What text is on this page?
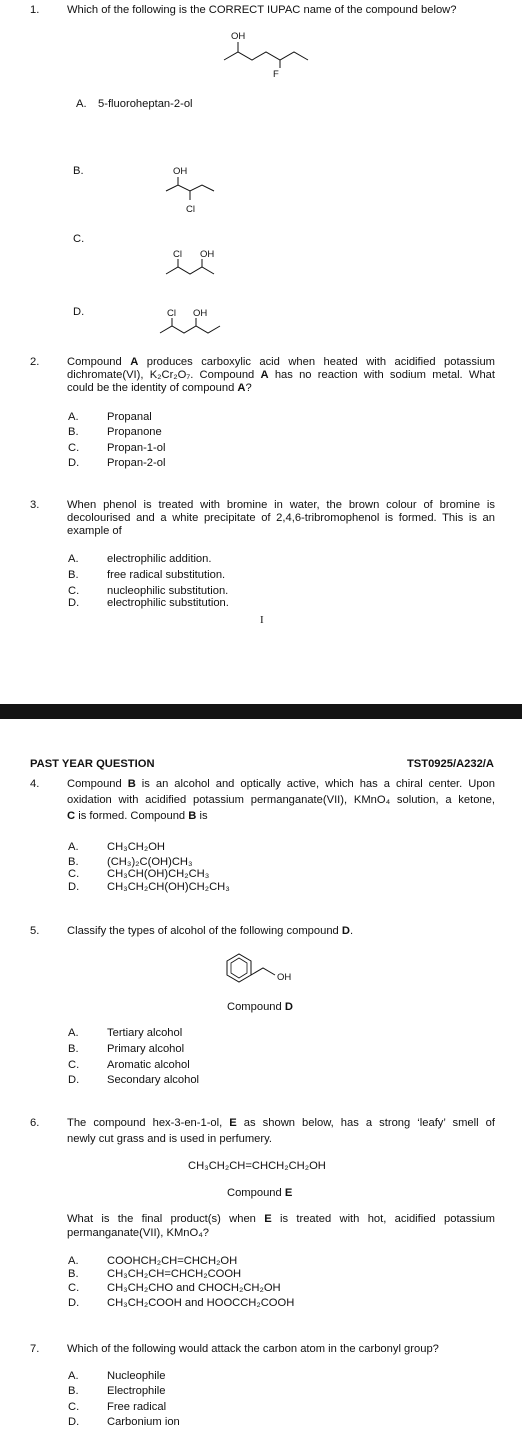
1. Which of the following is the CORRECT IUPAC name of the compound below?
OH
F
A. 5-fluoroheptan-2-ol
B.	OH
Cl
C.
Cl OH
D.	Cl OH
2. Compound A produces carboxylic acid when heated with acidified potassium
dichromate(VI), K₂Cr₂O₇. Compound A has no reaction with sodium metal. What
could be the identity of compound A?
A.	Propanal
B.	Propanone
C. Propan-1-ol
D. Propan-2-ol
3. When phenol is treated with bromine in water, the brown colour of bromine is
decolourised and a white precipitate of 2,4,6-tribromophenol is formed. This is an
example of
A.	electrophilic addition.
B.	free radical substitution.
C. nucleophilic substitution.
D. electrophilic substitution.
I
PAST YEAR QUESTION	TST0925/A232/A
4. Compound B is an alcohol and optically active, which has a chiral center. Upon
oxidation with acidified potassium permanganate(VII), KMnO₄ solution, a ketone,
C is formed. Compound B is
A.	CH₃CH₂OH
B.	(CH₃)₂C(OH)CH₃
C. CH₃CH(OH)CH₂CH₃
D. CH₃CH₂CH(OH)CH₂CH₃
5. Classify the types of alcohol of the following compound D.
OH
Compound D
A.	Tertiary alcohol
B.	Primary alcohol
C. Aromatic alcohol
D. Secondary alcohol
6. The compound hex-3-en-1-ol, E as shown below, has a strong ‘leafy’ smell of
newly cut grass and is used in perfumery.
CH₃CH₂CH=CHCH₂CH₂OH
Compound E
What is the final product(s) when E is treated with hot, acidified potassium
permanganate(VII), KMnO₄?
A.	COOHCH₂CH=CHCH₂OH
B.	CH₃CH₂CH=CHCH₂COOH
C. CH₃CH₂CHO and CHOCH₂CH₂OH
D. CH₃CH₂COOH and HOOCCH₂COOH
7. Which of the following would attack the carbon atom in the carbonyl group?
A.	Nucleophile
B.	Electrophile
C. Free radical
D. Carbonium ion
